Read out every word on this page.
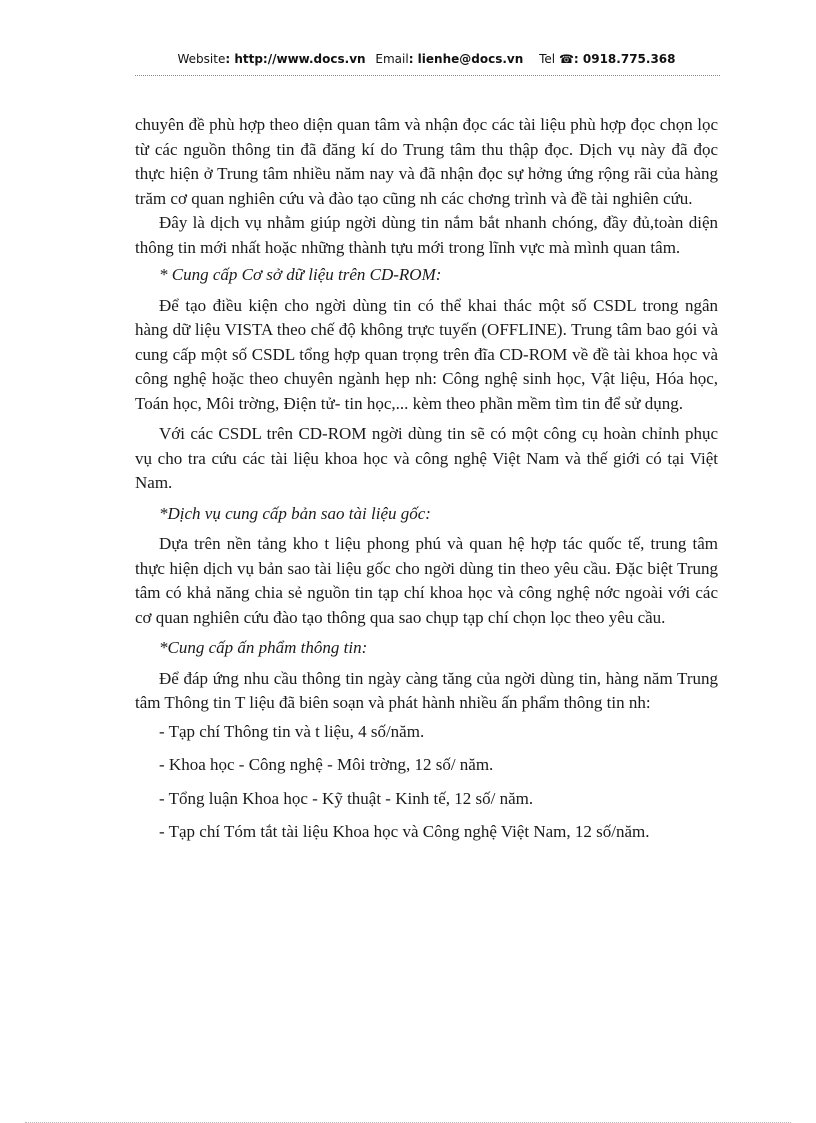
Website: http://www.docs.vn Email: lienhe@docs.vn Tel ☎: 0918.775.368

chuyên đề phù hợp theo diện quan tâm và nhận đọc các tài liệu phù hợp đọc chọn lọc từ các nguồn thông tin đã đăng kí do Trung tâm thu thập đọc. Dịch vụ này đã đọc thực hiện ở Trung tâm nhiều năm nay và đã nhận đọc sự hởng ứng rộng rãi của hàng trăm cơ quan nghiên cứu và đào tạo cũng nh các chơng trình và đề tài nghiên cứu.

Đây là dịch vụ nhằm giúp ngời dùng tin nắm bắt nhanh chóng, đầy đủ,toàn diện thông tin mới nhất hoặc những thành tựu mới trong lĩnh vực mà mình quan tâm.

* Cung cấp Cơ sở dữ liệu trên CD-ROM:

Để tạo điều kiện cho ngời dùng tin có thể khai thác một số CSDL trong ngân hàng dữ liệu VISTA theo chế độ không trực tuyến (OFFLINE). Trung tâm bao gói và cung cấp một số CSDL tổng hợp quan trọng trên đĩa CD-ROM về đề tài khoa học và công nghệ hoặc theo chuyên ngành hẹp nh: Công nghệ sinh học, Vật liệu, Hóa học, Toán học, Môi trờng, Điện tử- tin học,... kèm theo phần mềm tìm tin để sử dụng.

Với các CSDL trên CD-ROM ngời dùng tin sẽ có một công cụ hoàn chỉnh phục vụ cho tra cứu các tài liệu khoa học và công nghệ Việt Nam và thế giới có tại Việt Nam.

*Dịch vụ cung cấp bản sao tài liệu gốc:

Dựa trên nền tảng kho t liệu phong phú và quan hệ hợp tác quốc tế, trung tâm thực hiện dịch vụ bản sao tài liệu gốc cho ngời dùng tin theo yêu cầu. Đặc biệt Trung tâm có khả năng chia sẻ nguồn tin tạp chí khoa học và công nghệ nớc ngoài với các cơ quan nghiên cứu đào tạo thông qua sao chụp tạp chí chọn lọc theo yêu cầu.

*Cung cấp ấn phẩm thông tin:

Để đáp ứng nhu cầu thông tin ngày càng tăng của ngời dùng tin, hàng năm Trung tâm Thông tin T liệu đã biên soạn và phát hành nhiều ấn phẩm thông tin nh:

- Tạp chí Thông tin và t liệu, 4 số/năm.

- Khoa học - Công nghệ - Môi trờng, 12 số/ năm.

- Tổng luận Khoa học - Kỹ thuật - Kinh tế, 12 số/ năm.

- Tạp chí Tóm tắt tài liệu Khoa học và Công nghệ Việt Nam, 12 số/năm.
